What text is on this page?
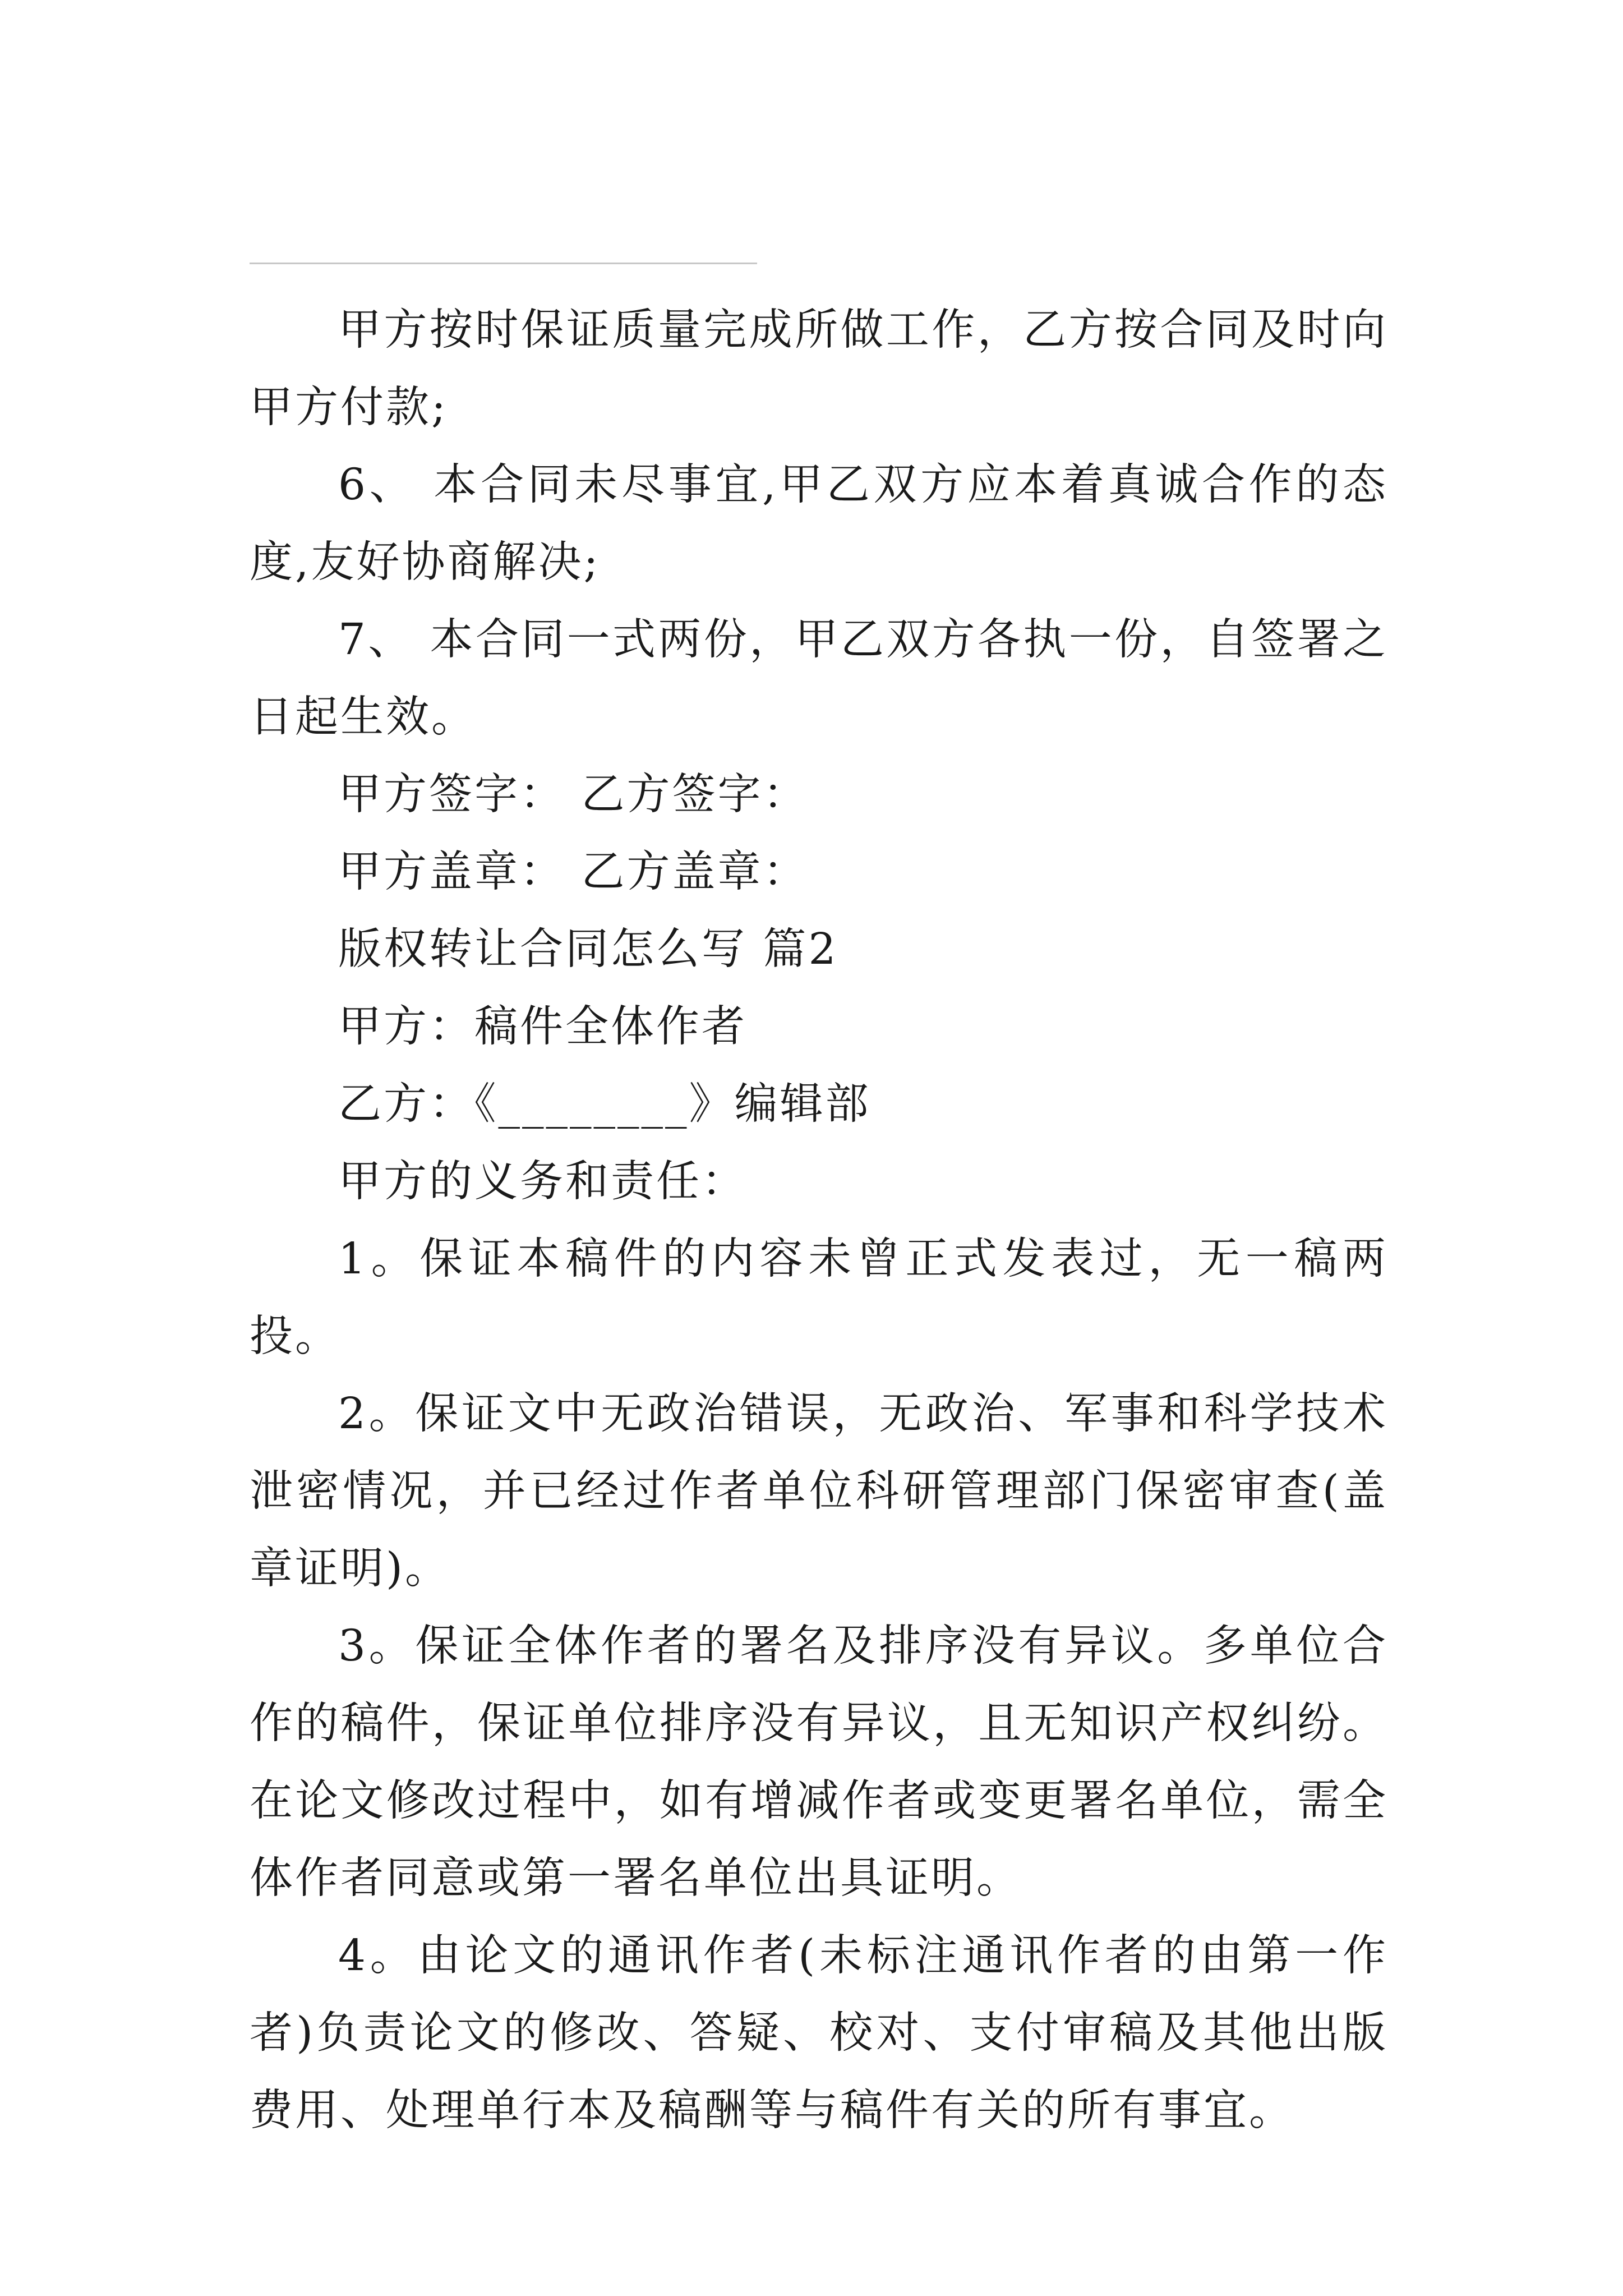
甲方按时保证质量完成所做工作，乙方按合同及时向甲方付款;

6、 本合同未尽事宜,甲乙双方应本着真诚合作的态度,友好协商解决;

7、 本合同一式两份，甲乙双方各执一份，自签署之日起生效。

甲方签字： 乙方签字：

甲方盖章： 乙方盖章：

版权转让合同怎么写 篇2

甲方：稿件全体作者

乙方：《________》编辑部

甲方的义务和责任：

1。保证本稿件的内容未曾正式发表过，无一稿两投。

2。保证文中无政治错误，无政治、军事和科学技术泄密情况，并已经过作者单位科研管理部门保密审查(盖章证明)。

3。保证全体作者的署名及排序没有异议。多单位合作的稿件，保证单位排序没有异议，且无知识产权纠纷。在论文修改过程中，如有增减作者或变更署名单位，需全体作者同意或第一署名单位出具证明。

4。由论文的通讯作者(未标注通讯作者的由第一作者)负责论文的修改、答疑、校对、支付审稿及其他出版费用、处理单行本及稿酬等与稿件有关的所有事宜。
